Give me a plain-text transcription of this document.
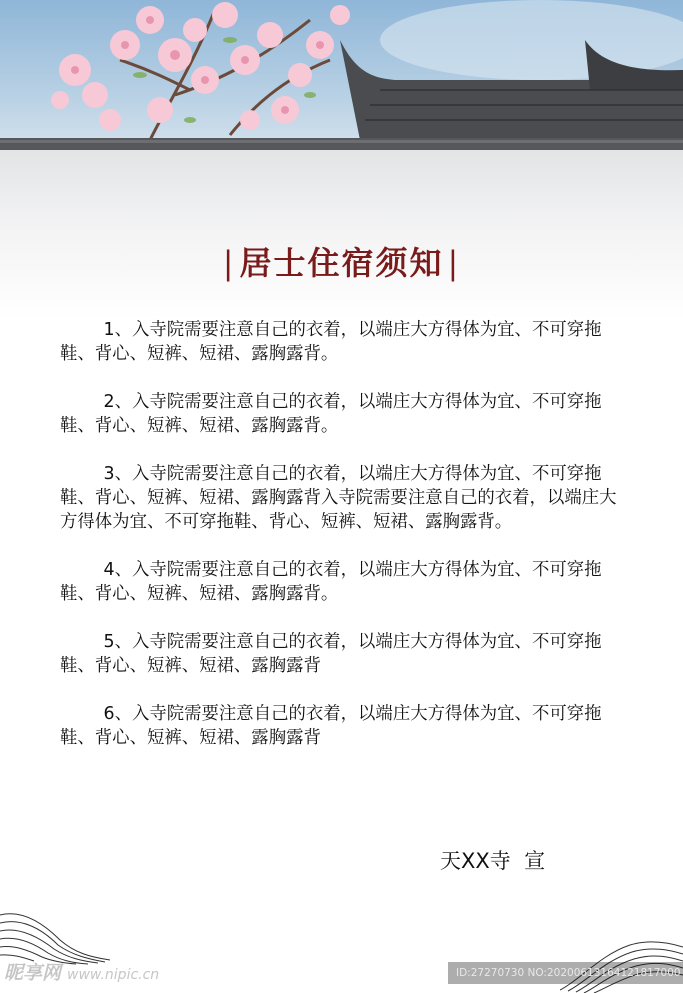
| 居士住宿须知 |

1、入寺院需要注意自己的衣着，以端庄大方得体为宜、不可穿拖鞋、背心、短裤、短裙、露胸露背。

2、入寺院需要注意自己的衣着，以端庄大方得体为宜、不可穿拖鞋、背心、短裤、短裙、露胸露背。

3、入寺院需要注意自己的衣着，以端庄大方得体为宜、不可穿拖鞋、背心、短裤、短裙、露胸露背入寺院需要注意自己的衣着，以端庄大方得体为宜、不可穿拖鞋、背心、短裤、短裙、露胸露背。

4、入寺院需要注意自己的衣着，以端庄大方得体为宜、不可穿拖鞋、背心、短裤、短裙、露胸露背。

5、入寺院需要注意自己的衣着，以端庄大方得体为宜、不可穿拖鞋、背心、短裤、短裙、露胸露背

6、入寺院需要注意自己的衣着，以端庄大方得体为宜、不可穿拖鞋、背心、短裤、短裙、露胸露背

天XX寺  宣
昵享网 www.nipic.cn	ID:27270730 NO:20200613164121817000
